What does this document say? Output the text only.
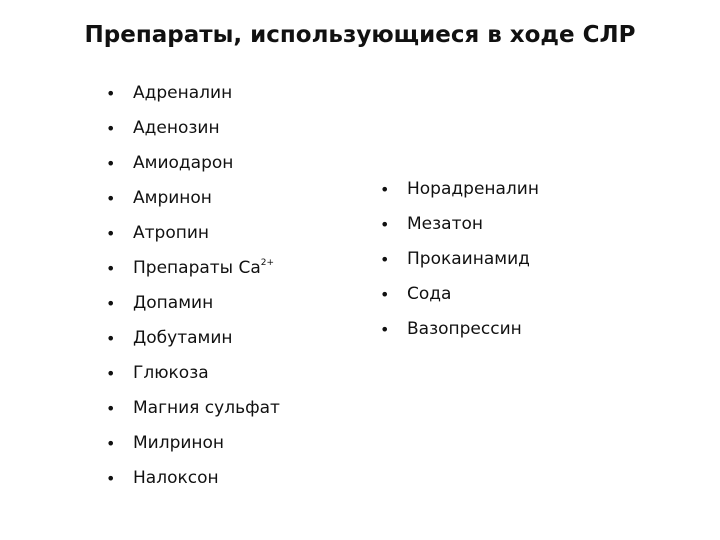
Препараты, использующиеся в ходе СЛР
• Адреналин
• Аденозин
• Амиодарон
• Амринон
• Атропин
• Препараты $Ca^{2+}$
• Допамин
• Добутамин
• Глюкоза
• Магния сульфат
• Милринон
• Налоксон
• Норадреналин
• Мезатон
• Прокаинамид
• Сода
• Вазопрессин
